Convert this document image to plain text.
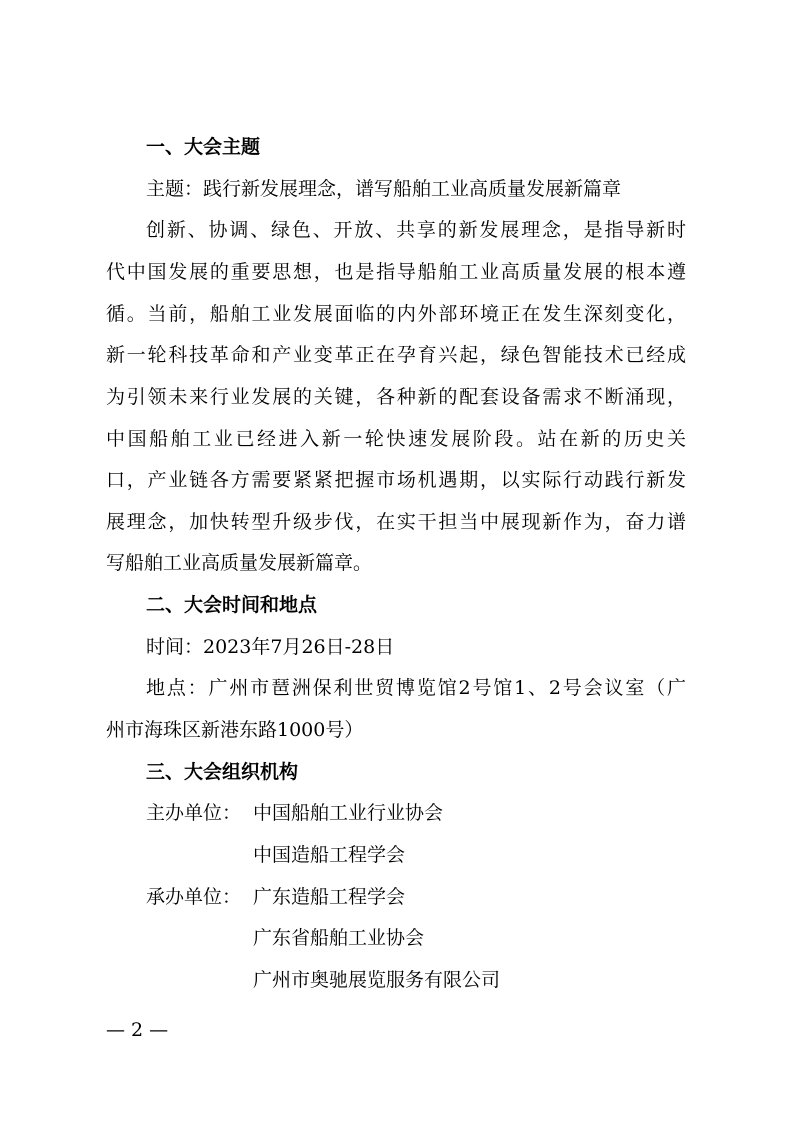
一、大会主题
主题：践行新发展理念，谱写船舶工业高质量发展新篇章
创新、协调、绿色、开放、共享的新发展理念，是指导新时
代中国发展的重要思想，也是指导船舶工业高质量发展的根本遵
循。当前，船舶工业发展面临的内外部环境正在发生深刻变化，
新一轮科技革命和产业变革正在孕育兴起，绿色智能技术已经成
为引领未来行业发展的关键，各种新的配套设备需求不断涌现，
中国船舶工业已经进入新一轮快速发展阶段。站在新的历史关
口，产业链各方需要紧紧把握市场机遇期，以实际行动践行新发
展理念，加快转型升级步伐，在实干担当中展现新作为，奋力谱
写船舶工业高质量发展新篇章。
二、大会时间和地点
时间：2023年7月26日-28日
地点：广州市琶洲保利世贸博览馆2号馆1、2号会议室（广
州市海珠区新港东路1000号）
三、大会组织机构
主办单位： 中国船舶工业行业协会
中国造船工程学会
承办单位： 广东造船工程学会
广东省船舶工业协会
广州市奥驰展览服务有限公司
— 2 —
